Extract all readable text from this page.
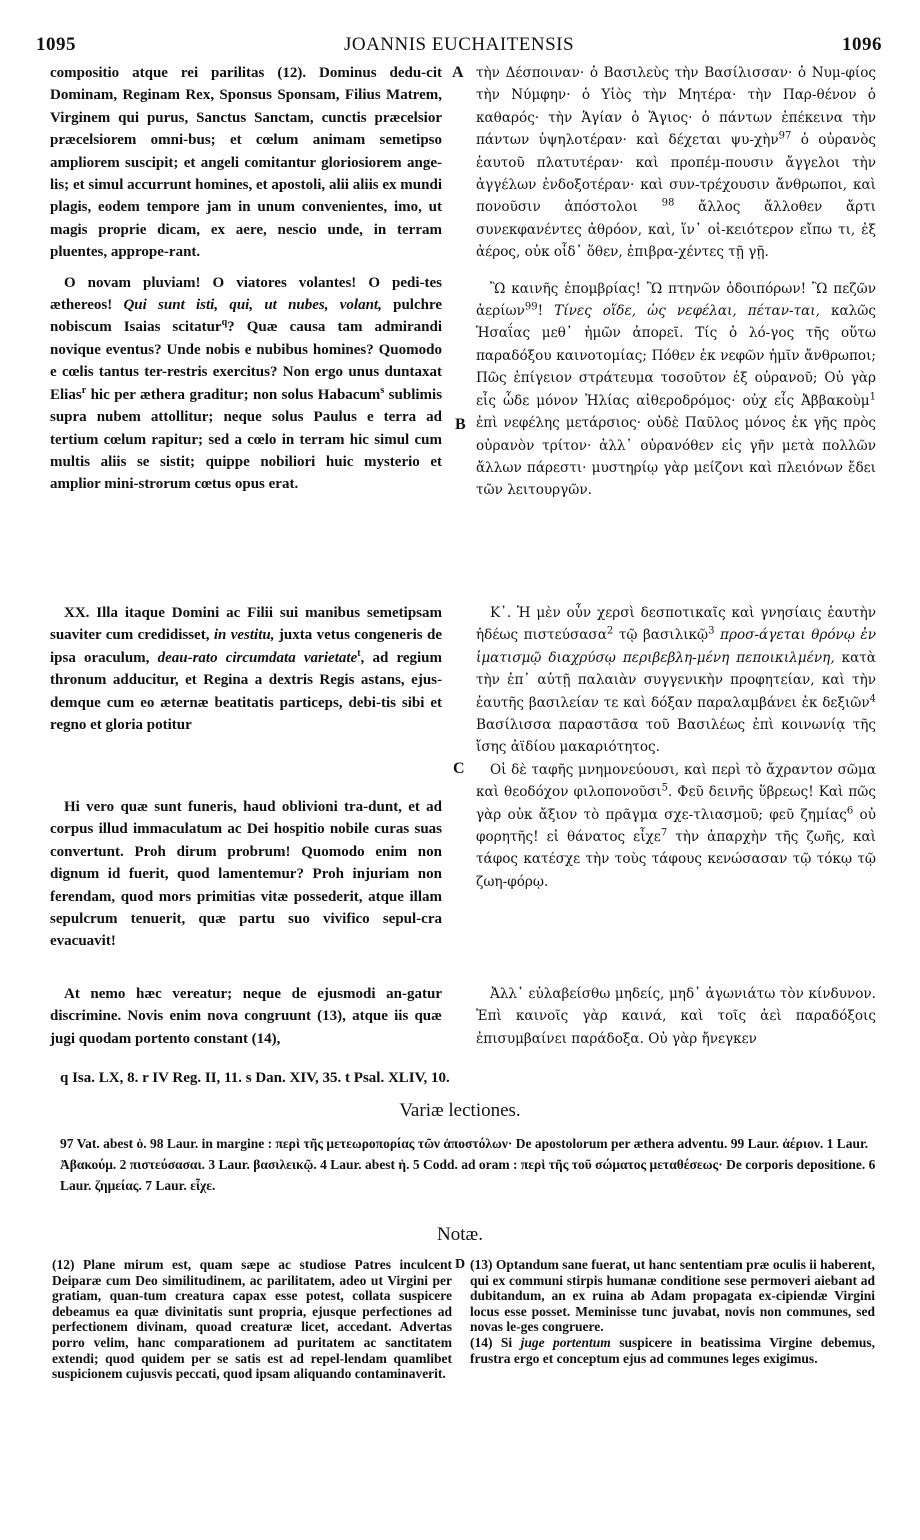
1095	JOANNIS EUCHAITENSIS	1096

compositio atque rei parilitas (12). Dominus dedu-cit Dominam, Reginam Rex, Sponsus Sponsam, Filius Matrem, Virginem qui purus, Sanctus Sanctam, cunctis præcelsior præcelsiorem omni-bus; et cœlum animam semetipso ampliorem suscipit; et angeli comitantur gloriosiorem ange-lis; et simul accurrunt homines, et apostoli, alii aliis ex mundi plagis, eodem tempore jam in unum convenientes, imo, ut magis proprie dicam, ex aere, nescio unde, in terram pluentes, apprope-rant.

O novam pluviam! O viatores volantes! O pedi-tes æthereos! Qui sunt isti, qui, ut nubes, volant, pulchre nobiscum Isaias scitatur$^q$? Quæ causa tam admirandi novique eventus? Unde nobis e nubibus homines? Quomodo e cœlis tantus ter-restris exercitus? Non ergo unus duntaxat Elias$^r$ hic per æthera graditur; non solus Habacum$^s$ sublimis supra nubem attollitur; neque solus Paulus e terra ad tertium cœlum rapitur; sed a cœlo in terram hic simul cum multis aliis se sistit; quippe nobiliori huic mysterio et amplior mini-strorum cœtus opus erat.

XX. Illa itaque Domini ac Filii sui manibus semetipsam suaviter cum credidisset, in vestitu, juxta vetus congeneris de ipsa oraculum, deau-rato circumdata varietate$^t$, ad regium thronum adducitur, et Regina a dextris Regis astans, ejus-demque cum eo æternæ beatitatis particeps, debi-tis sibi et regno et gloria potitur

Hi vero quæ sunt funeris, haud oblivioni tra-dunt, et ad corpus illud immaculatum ac Dei hospitio nobile curas suas convertunt. Proh dirum probrum! Quomodo enim non dignum id fuerit, quod lamentemur? Proh injuriam non ferendam, quod mors primitias vitæ possederit, atque illam sepulcrum tenuerit, quæ partu suo vivifico sepul-cra evacuavit!

At nemo hæc vereatur; neque de ejusmodi an-gatur discrimine. Novis enim nova congruunt (13), atque iis quæ jugi quodam portento constant (14),

A
B
C

τὴν Δέσποιναν· ὁ Βασιλεὺς τὴν Βασίλισσαν· ὁ Νυμ-φίος τὴν Νύμφην· ὁ Υἱὸς τὴν Μητέρα· τὴν Παρ-θένον ὁ καθαρός· τὴν Ἁγίαν ὁ Ἅγιος· ὁ πάντων ἐπέκεινα τὴν πάντων ὑψηλοτέραν· καὶ δέχεται ψυ-χὴν$^{97}$ ὁ οὐρανὸς ἑαυτοῦ πλατυτέραν· καὶ προπέμ-πουσιν ἄγγελοι τὴν ἀγγέλων ἐνδοξοτέραν· καὶ συν-τρέχουσιν ἄνθρωποι, καὶ πονοῦσιν ἀπόστολοι $^{98}$ ἄλλος ἄλλοθεν ἄρτι συνεκφανέντες ἀθρόον, καὶ, ἵν᾽ οἰ-κειότερον εἴπω τι, ἐξ ἀέρος, οὐκ οἶδ᾽ ὅθεν, ἐπιβρα-χέντες τῇ γῇ.

Ὢ καινῆς ἐπομβρίας! Ὢ πτηνῶν ὁδοιπόρων! Ὢ πεζῶν ἀερίων$^{99}$! Τίνες οἵδε, ὡς νεφέλαι, πέταν-ται, καλῶς Ἡσαΐας μεθ᾽ ἡμῶν ἀπορεῖ. Τίς ὁ λό-γος τῆς οὕτω παραδόξου καινοτομίας; Πόθεν ἐκ νεφῶν ἡμῖν ἄνθρωποι; Πῶς ἐπίγειον στράτευμα τοσοῦτον ἐξ οὐρανοῦ; Οὐ γὰρ εἷς ὧδε μόνον Ἠλίας αἰθεροδρόμος· οὐχ εἷς Ἀββακοὺμ$^1$ ἐπὶ νεφέλης μετάρσιος· οὐδὲ Παῦλος μόνος ἐκ γῆς πρὸς οὐρανὸν τρίτον· ἀλλ᾽ οὐρανόθεν εἰς γῆν μετὰ πολλῶν ἄλλων πάρεστι· μυστηρίῳ γὰρ μείζονι καὶ πλειόνων ἔδει τῶν λειτουργῶν.

Κ᾽. Ἡ μὲν οὖν χερσὶ δεσποτικαῖς καὶ γνησίαις ἑαυτὴν ἡδέως πιστεύσασα$^2$ τῷ βασιλικῷ$^3$ προσ-άγεται θρόνῳ ἐν ἱματισμῷ διαχρύσῳ περιβεβλη-μένη πεποικιλμένη, κατὰ τὴν ἐπ᾽ αὐτῇ παλαιὰν συγγενικὴν προφητείαν, καὶ τὴν ἑαυτῆς βασιλείαν τε καὶ δόξαν παραλαμβάνει ἐκ δεξιῶν$^4$ Βασίλισσα παραστᾶσα τοῦ Βασιλέως ἐπὶ κοινωνίᾳ τῆς ἴσης ἀϊδίου μακαριότητος.

Οἱ δὲ ταφῆς μνημονεύουσι, καὶ περὶ τὸ ἄχραντον σῶμα καὶ θεοδόχον φιλοπονοῦσι$^5$. Φεῦ δεινῆς ὕβρεως! Καὶ πῶς γὰρ οὐκ ἄξιον τὸ πρᾶγμα σχε-τλιασμοῦ; φεῦ ζημίας$^6$ οὐ φορητῆς! εἰ θάνατος εἶχε$^7$ τὴν ἀπαρχὴν τῆς ζωῆς, καὶ τάφος κατέσχε τὴν τοὺς τάφους κενώσασαν τῷ τόκῳ τῷ ζωη-φόρῳ.

Ἀλλ᾽ εὐλαβείσθω μηδείς, μηδ᾽ ἀγωνιάτω τὸν κίνδυνον. Ἐπὶ καινοῖς γὰρ καινά, καὶ τοῖς ἀεὶ παραδόξοις ἐπισυμβαίνει παράδοξα. Οὐ γὰρ ἤνεγκεν

q Isa. LX, 8. r IV Reg. II, 11. s Dan. XIV, 35. t Psal. XLIV, 10.
Variæ lectiones.
97 Vat. abest ὁ. 98 Laur. in margine : περὶ τῆς μετεωροπορίας τῶν ἀποστόλων· De apostolorum per æthera adventu. 99 Laur. ἀέριον. 1 Laur. Ἀβακούμ. 2 πιστεύσασαι. 3 Laur. βασιλεικῷ. 4 Laur. abest ἡ. 5 Codd. ad oram : περὶ τῆς τοῦ σώματος μεταθέσεως· De corporis depositione. 6 Laur. ζημείας. 7 Laur. εἶχε.
Notæ.
D

(12) Plane mirum est, quam sæpe ac studiose Patres inculcent Deiparæ cum Deo similitudinem, ac parilitatem, adeo ut Virgini per gratiam, quan-tum creatura capax esse potest, collata suspicere debeamus ea quæ divinitatis sunt propria, ejusque perfectiones ad perfectionem divinam, quoad creaturæ licet, accedant. Advertas porro velim, hanc comparationem ad puritatem ac sanctitatem extendi; quod quidem per se satis est ad repel-lendam quamlibet suspicionem cujusvis peccati, quod ipsam aliquando contaminaverit.

(13) Optandum sane fuerat, ut hanc sententiam præ oculis ii haberent, qui ex communi stirpis humanæ conditione sese permoveri aiebant ad dubitandum, an ex ruina ab Adam propagata ex-cipiendæ Virgini locus esse posset. Meminisse tunc juvabat, novis non communes, sed novas le-ges congruere.

(14) Si juge portentum suspicere in beatissima Virgine debemus, frustra ergo et conceptum ejus ad communes leges exigimus.
